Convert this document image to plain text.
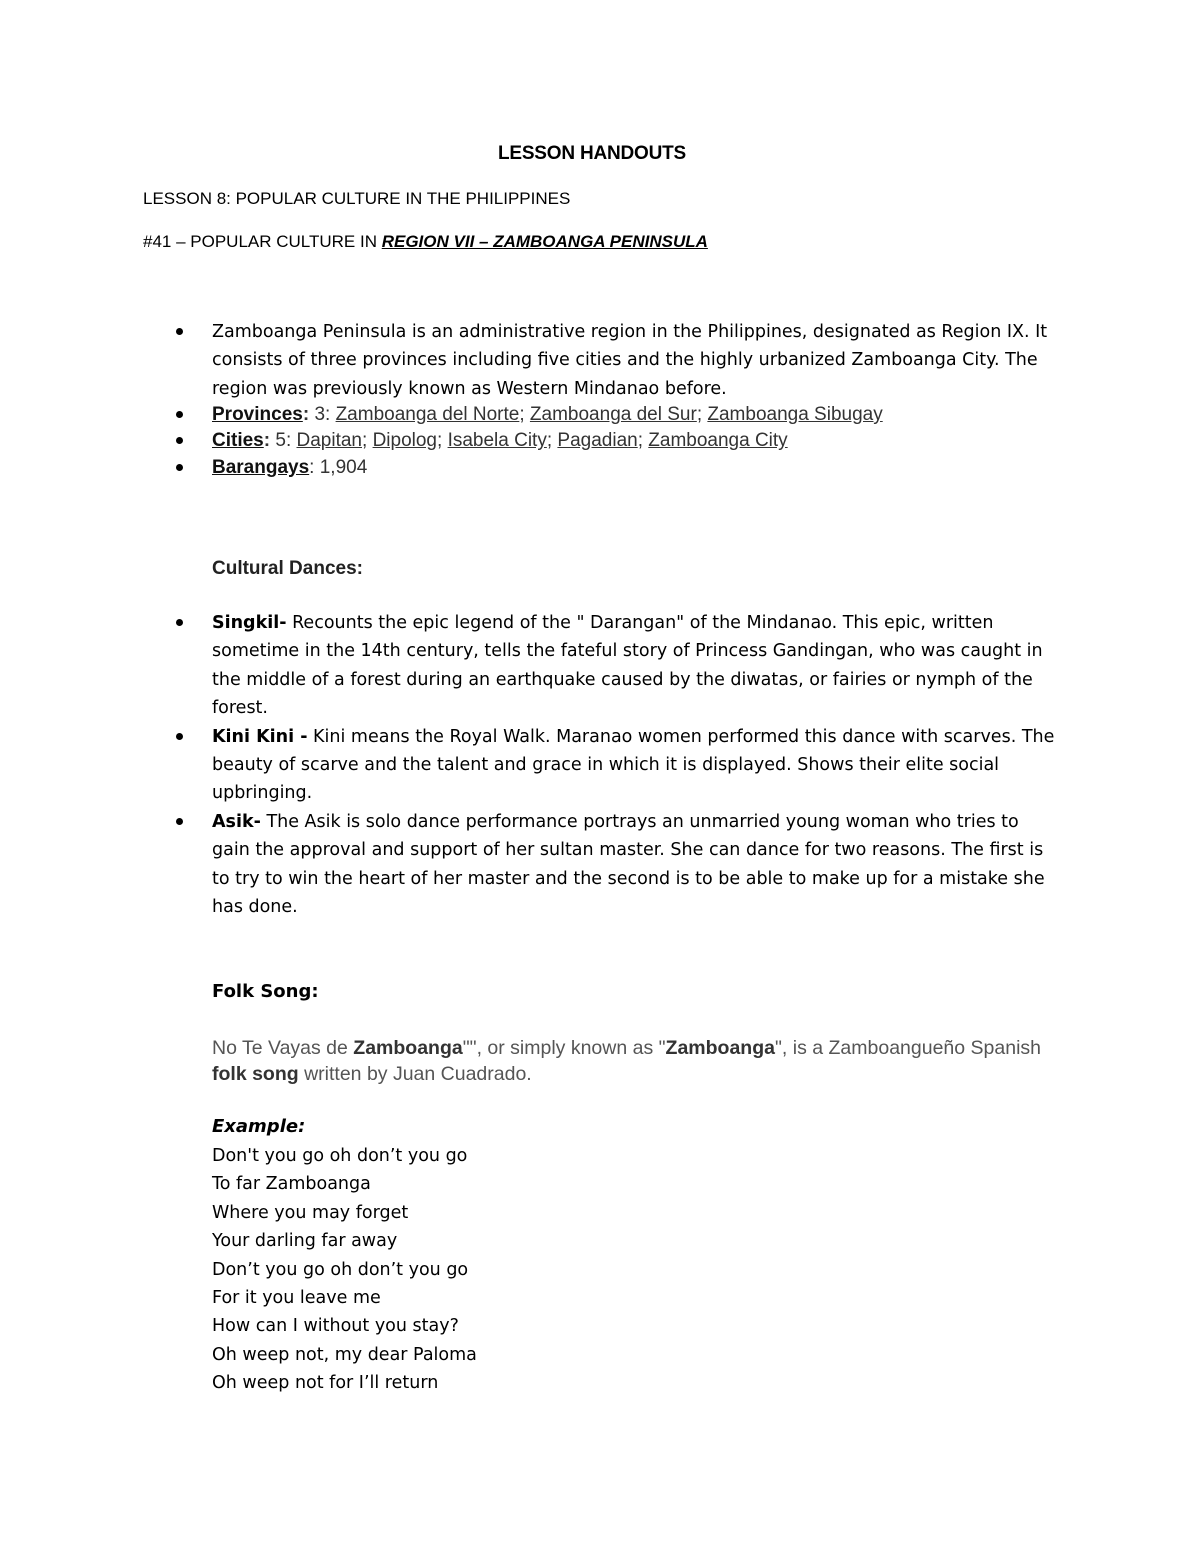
LESSON HANDOUTS
LESSON 8: POPULAR CULTURE IN THE PHILIPPINES
#41 – POPULAR CULTURE IN REGION VII – ZAMBOANGA PENINSULA
Zamboanga Peninsula is an administrative region in the Philippines, designated as Region IX. It consists of three provinces including five cities and the highly urbanized Zamboanga City. The region was previously known as Western Mindanao before.
Provinces: 3: Zamboanga del Norte; Zamboanga del Sur; Zamboanga Sibugay
Cities: 5: Dapitan; Dipolog; Isabela City; Pagadian; Zamboanga City
Barangays: 1,904
Cultural Dances:
Singkil- Recounts the epic legend of the " Darangan" of the Mindanao. This epic, written sometime in the 14th century, tells the fateful story of Princess Gandingan, who was caught in the middle of a forest during an earthquake caused by the diwatas, or fairies or nymph of the forest.
Kini Kini - Kini means the Royal Walk. Maranao women performed this dance with scarves. The beauty of scarve and the talent and grace in which it is displayed. Shows their elite social upbringing.
Asik- The Asik is solo dance performance portrays an unmarried young woman who tries to gain the approval and support of her sultan master. She can dance for two reasons. The first is to try to win the heart of her master and the second is to be able to make up for a mistake she has done.
Folk Song:
No Te Vayas de Zamboanga"", or simply known as "Zamboanga", is a Zamboangueño Spanish folk song written by Juan Cuadrado.
Example:
Don't you go oh don’t you go
To far Zamboanga
Where you may forget
Your darling far away
Don’t you go oh don’t you go
For it you leave me
How can I without you stay?
Oh weep not, my dear Paloma
Oh weep not for I’ll return
